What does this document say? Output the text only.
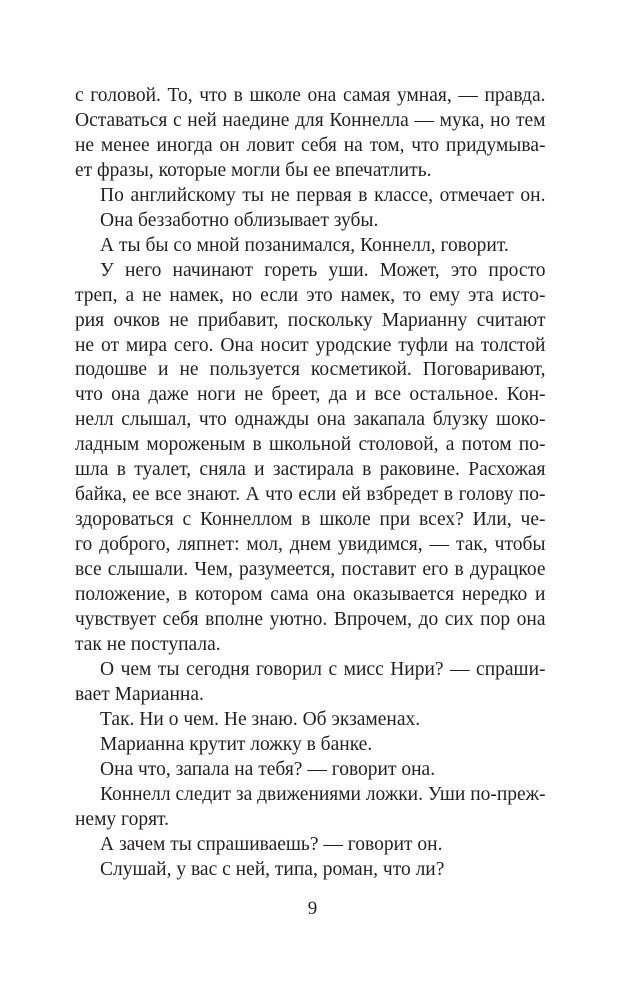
с головой. То, что в школе она самая умная, — правда.
Оставаться с ней наедине для Коннелла — мука, но тем
не менее иногда он ловит себя на том, что придумыва-
ет фразы, которые могли бы ее впечатлить.
По английскому ты не первая в классе, отмечает он.
Она беззаботно облизывает зубы.
А ты бы со мной позанимался, Коннелл, говорит.
У него начинают гореть уши. Может, это просто
треп, а не намек, но если это намек, то ему эта исто-
рия очков не прибавит, поскольку Марианну считают
не от мира сего. Она носит уродские туфли на толстой
подошве и не пользуется косметикой. Поговаривают,
что она даже ноги не бреет, да и все остальное. Кон-
нелл слышал, что однажды она закапала блузку шоко-
ладным мороженым в школьной столовой, а потом по-
шла в туалет, сняла и застирала в раковине. Расхожая
байка, ее все знают. А что если ей взбредет в голову по-
здороваться с Коннеллом в школе при всех? Или, че-
го доброго, ляпнет: мол, днем увидимся, — так, чтобы
все слышали. Чем, разумеется, поставит его в дурацкое
положение, в котором сама она оказывается нередко и
чувствует себя вполне уютно. Впрочем, до сих пор она
так не поступала.
О чем ты сегодня говорил с мисс Нири? — спраши-
вает Марианна.
Так. Ни о чем. Не знаю. Об экзаменах.
Марианна крутит ложку в банке.
Она что, запала на тебя? — говорит она.
Коннелл следит за движениями ложки. Уши по-преж-
нему горят.
А зачем ты спрашиваешь? — говорит он.
Слушай, у вас с ней, типа, роман, что ли?
9
